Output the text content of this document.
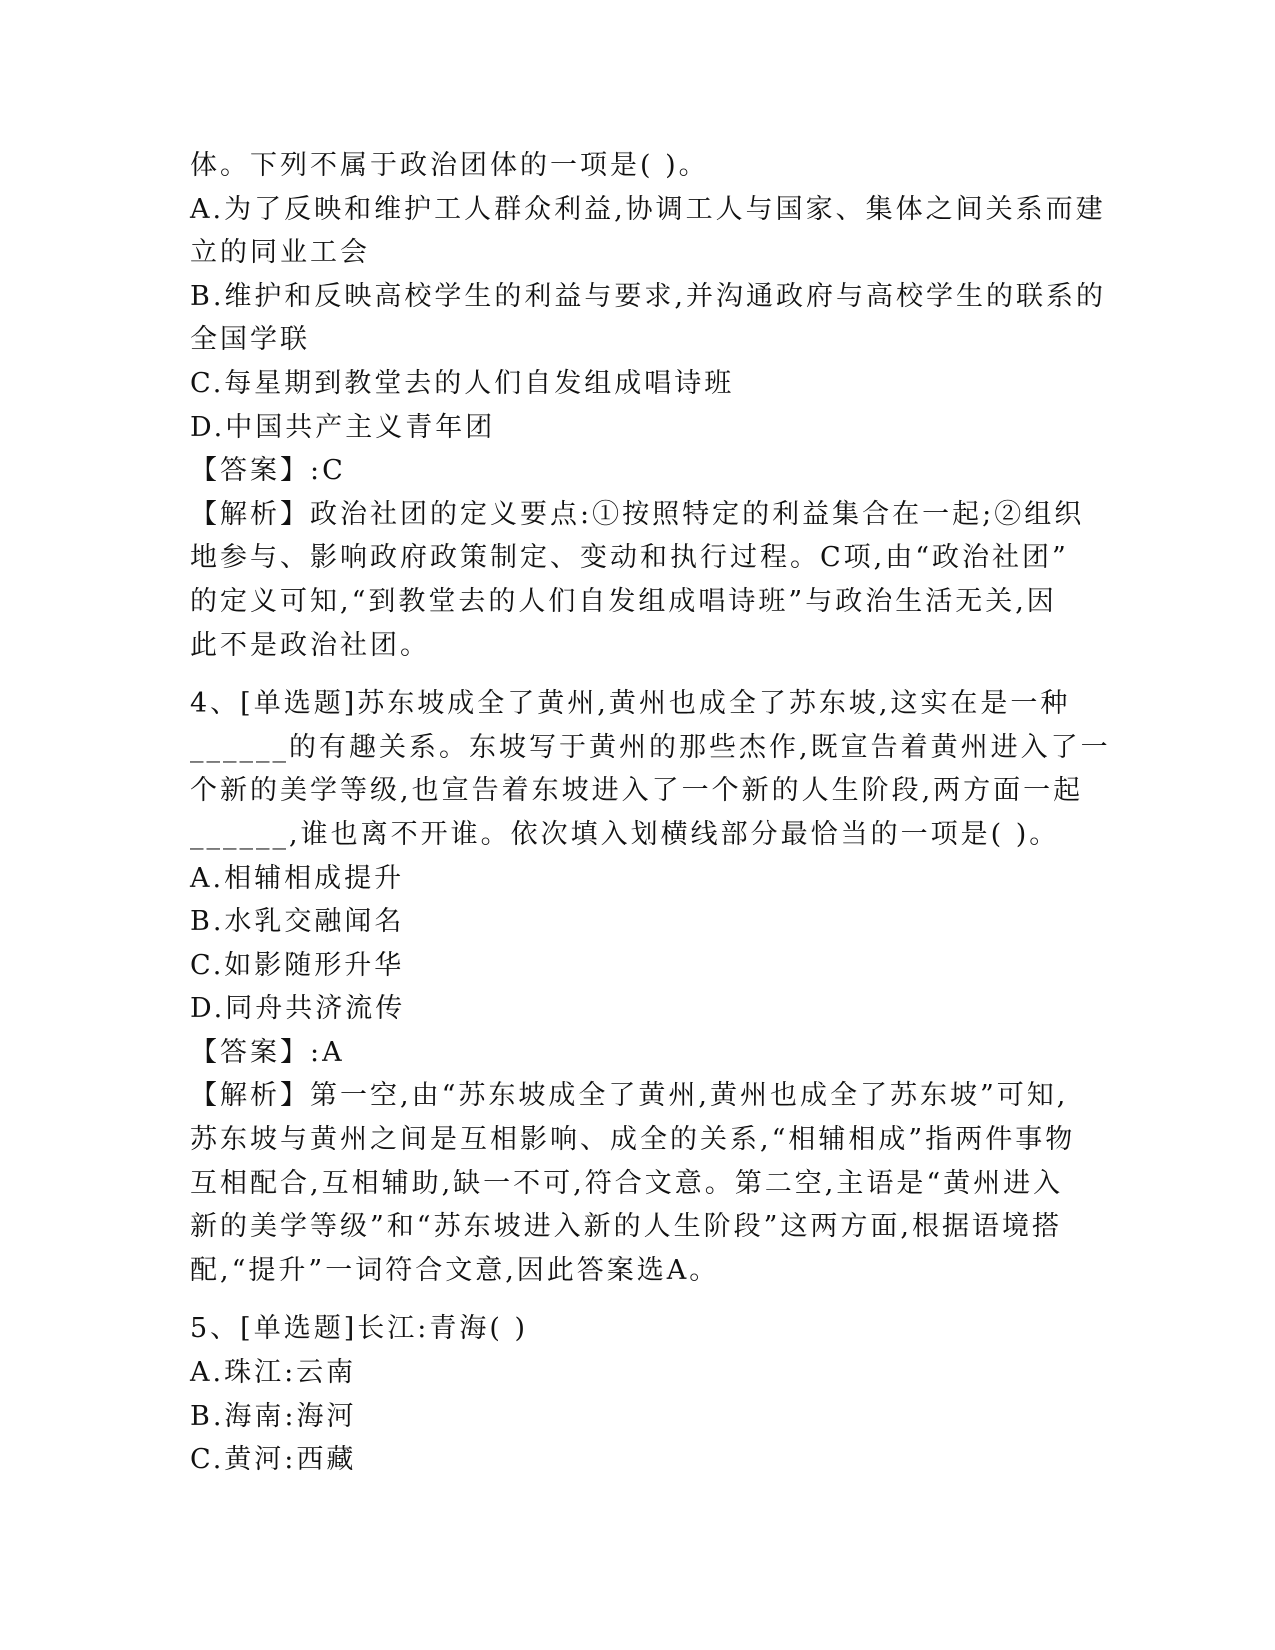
体。下列不属于政治团体的一项是( )。
A.为了反映和维护工人群众利益,协调工人与国家、集体之间关系而建
立的同业工会
B.维护和反映高校学生的利益与要求,并沟通政府与高校学生的联系的
全国学联
C.每星期到教堂去的人们自发组成唱诗班
D.中国共产主义青年团
【答案】:C
【解析】政治社团的定义要点:①按照特定的利益集合在一起;②组织
地参与、影响政府政策制定、变动和执行过程。C项,由“政治社团”
的定义可知,“到教堂去的人们自发组成唱诗班”与政治生活无关,因
此不是政治社团。
4、[单选题]苏东坡成全了黄州,黄州也成全了苏东坡,这实在是一种
______的有趣关系。东坡写于黄州的那些杰作,既宣告着黄州进入了一
个新的美学等级,也宣告着东坡进入了一个新的人生阶段,两方面一起
______,谁也离不开谁。依次填入划横线部分最恰当的一项是( )。
A.相辅相成提升
B.水乳交融闻名
C.如影随形升华
D.同舟共济流传
【答案】:A
【解析】第一空,由“苏东坡成全了黄州,黄州也成全了苏东坡”可知,
苏东坡与黄州之间是互相影响、成全的关系,“相辅相成”指两件事物
互相配合,互相辅助,缺一不可,符合文意。第二空,主语是“黄州进入
新的美学等级”和“苏东坡进入新的人生阶段”这两方面,根据语境搭
配,“提升”一词符合文意,因此答案选A。
5、[单选题]长江:青海( )
A.珠江:云南
B.海南:海河
C.黄河:西藏
